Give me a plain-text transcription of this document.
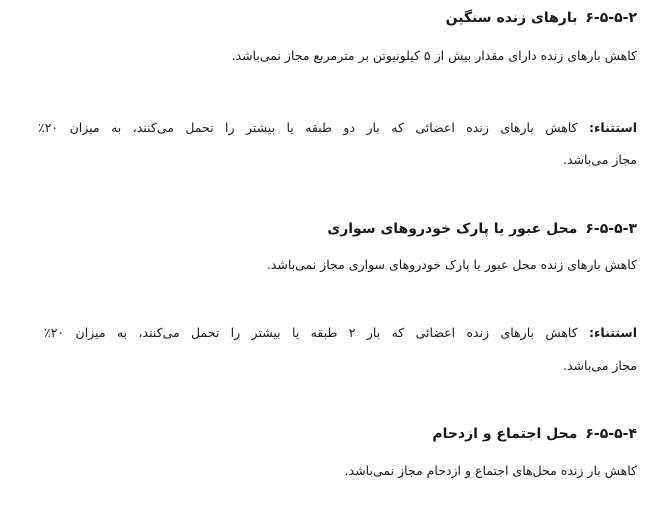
۶-۵-۵-۲بارهای زنده سنگین
کاهش بارهای زنده دارای مقدار بیش از ۵ کیلونیوتن بر مترمربع مجاز نمی‌باشد.
استثناء: کاهش بارهای زنده اعضائی که بار دو طبقه یا بیشتر را تحمل می‌کنند، به میزان ۲۰٪
مجاز می‌باشد.
۶-۵-۵-۳محل عبور یا پارک خودروهای سواری
کاهش بارهای زنده محل عبور یا پارک خودروهای سواری مجاز نمی‌باشد.
استثناء: کاهش بارهای زنده اعضائی که بار ۲ طبقه یا بیشتر را تحمل می‌کنند، به میزان ۲۰٪
مجاز می‌باشد.
۶-۵-۵-۴محل اجتماع و ازدحام
کاهش بار زنده محل‌های اجتماع و ازدحام مجاز نمی‌باشد.
